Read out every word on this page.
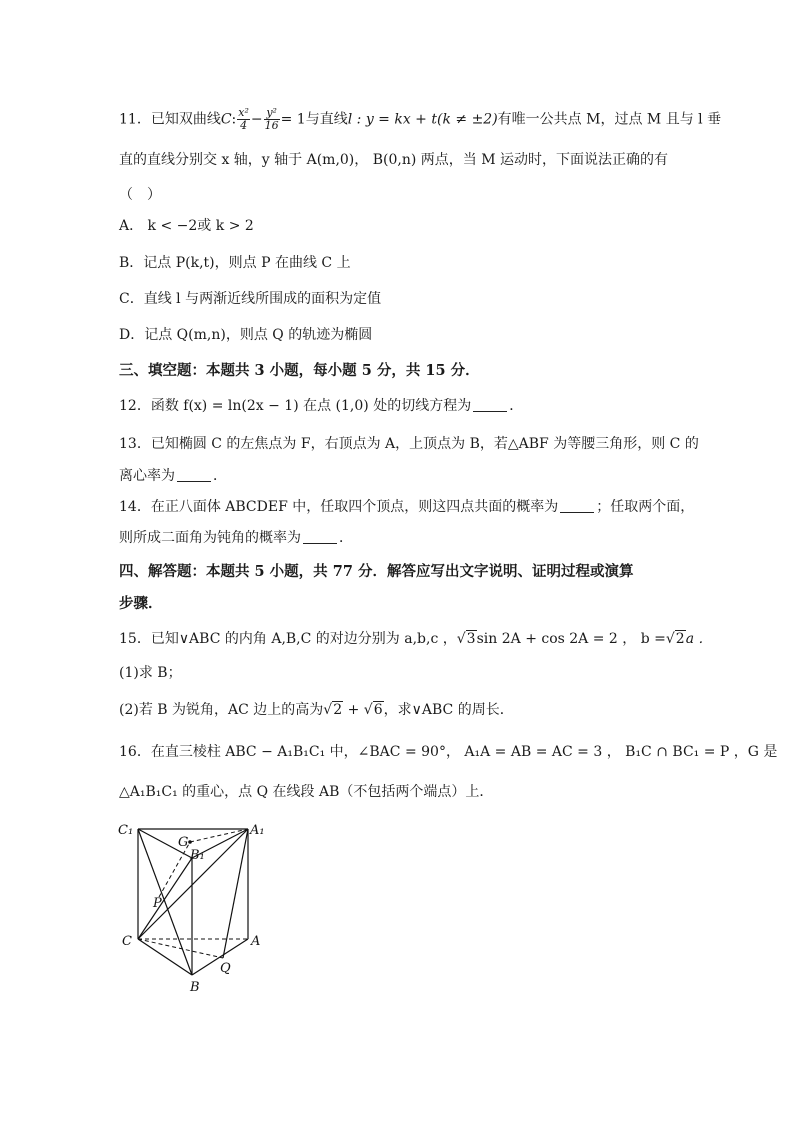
11．已知双曲线C: $\frac{\text{x²}}{4} - \frac{\text{y²}}{16} = 1$与直线l : y = kx + t(k ≠ ±2)有唯一公共点 M，过点 M 且与 l 垂
直的直线分别交 x 轴，y 轴于 A(m,0)， B(0,n) 两点，当 M 运动时，下面说法正确的有
（　）
A． k < −2或 k > 2
B．记点 P(k,t)，则点 P 在曲线 C 上
C．直线 l 与两渐近线所围成的面积为定值
D．记点 Q(m,n)，则点 Q 的轨迹为椭圆
三、填空题：本题共 3 小题，每小题 5 分，共 15 分．
12．函数 f(x) = ln(2x − 1) 在点 (1,0) 处的切线方程为	．
13．已知椭圆 C 的左焦点为 F，右顶点为 A，上顶点为 B，若△ABF 为等腰三角形，则 C 的
离心率为	．
14．在正八面体 ABCDEF 中，任取四个顶点，则这四点共面的概率为	；任取两个面，
则所成二面角为钝角的概率为	．
四、解答题：本题共 5 小题，共 77 分．解答应写出文字说明、证明过程或演算
步骤．
15．已知∨ABC 的内角 A,B,C 的对边分别为 a,b,c ，√3sin 2A + cos 2A = 2 ， b =√2a ．
(1)求 B；
(2)若 B 为锐角，AC 边上的高为√2 + √6，求∨ABC 的周长．
16．在直三棱柱 ABC − A₁B₁C₁ 中，∠BAC = 90°， A₁A = AB = AC = 3 ， B₁C ∩ BC₁ = P ，G 是
△A₁B₁C₁ 的重心，点 Q 在线段 AB（不包括两个端点）上．
C₁	A₁
G
B₁
P
C	A
Q
B
